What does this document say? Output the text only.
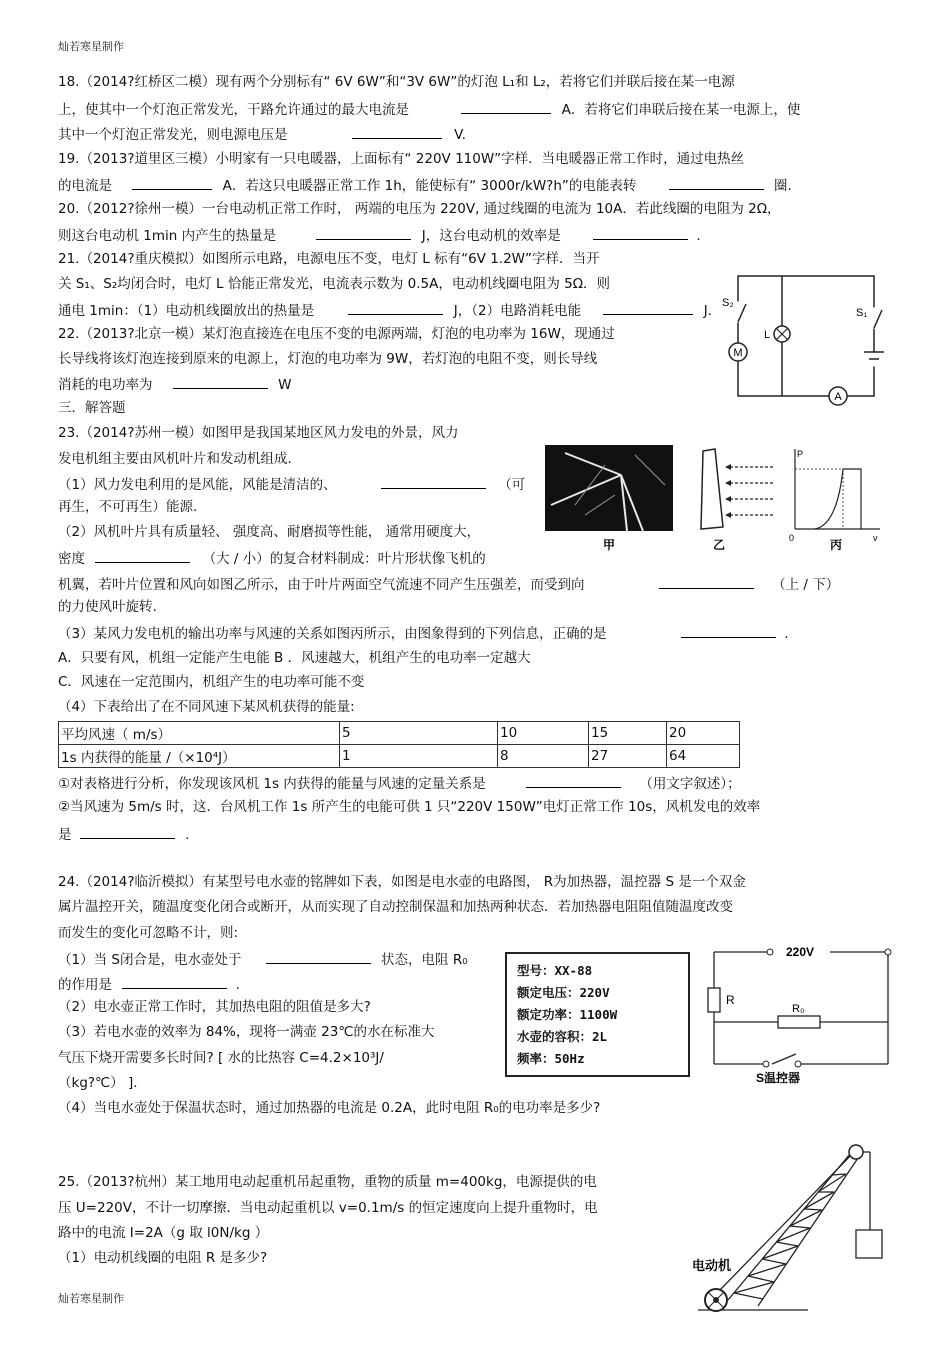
灿若寒星制作
18.（2014?红桥区二模）现有两个分别标有“ 6V 6W”和“3V 6W”的灯泡 L₁和 L₂，若将它们并联后接在某一电源
上，使其中一个灯泡正常发光，干路允许通过的最大电流是	A．若将它们串联后接在某一电源上，使
其中一个灯泡正常发光，则电源电压是	V.
19.（2013?道里区三模）小明家有一只电暖器，上面标有“ 220V 110W”字样．当电暖器正常工作时，通过电热丝
的电流是	A．若这只电暖器正常工作 1h，能使标有“ 3000r/kW?h”的电能表转	圈.
20.（2012?徐州一模）一台电动机正常工作时， 两端的电压为 220V, 通过线圈的电流为 10A．若此线圈的电阻为 2Ω，
则这台电动机 1min 内产生的热量是	J，这台电动机的效率是	.
21.（2014?重庆模拟）如图所示电路，电源电压不变，电灯 L 标有“6V 1.2W”字样．当开
关 S₁、S₂均闭合时，电灯 L 恰能正常发光，电流表示数为 0.5A，电动机线圈电阻为 5Ω．则
通电 1min：（1）电动机线圈放出的热量是	J，（2）电路消耗电能	J.
22.（2013?北京一模）某灯泡直接连在电压不变的电源两端，灯泡的电功率为 16W，现通过
长导线将该灯泡连接到原来的电源上，灯泡的电功率为 9W，若灯泡的电阻不变，则长导线
消耗的电功率为	W
M
A
S₂
L
S₁
三．解答题
23.（2014?苏州一模）如图甲是我国某地区风力发电的外景，风力
发电机组主要由风机叶片和发动机组成.
（1）风力发电利用的是风能，风能是清洁的、	（可
再生，不可再生）能源.
（2）风机叶片具有质量轻、 强度高、耐磨损等性能， 通常用硬度大，
密度	（大 / 小）的复合材料制成：叶片形状像飞机的
机翼，若叶片位置和风向如图乙所示，由于叶片两面空气流速不同产生压强差，而受到向	（上 / 下）
的力使风叶旋转.
（3）某风力发电机的输出功率与风速的关系如图丙所示，由图象得到的下列信息，正确的是	.
A．只要有风，机组一定能产生电能 B ．风速越大，机组产生的电功率一定越大
C．风速在一定范围内，机组产生的电功率可能不变
（4）下表给出了在不同风速下某风机获得的能量:
平均风速（ m/s）	5	10	15	20
1s 内获得的能量 /（×10⁴J）	1	8	27	64
①对表格进行分析，你发现该风机 1s 内获得的能量与风速的定量关系是	（用文字叙述）；
②当风速为 5m/s 时，这．台风机工作 1s 所产生的电能可供 1 只“220V 150W”电灯正常工作 10s，风机发电的效率
是	.
甲	乙
P
v
0	丙
24.（2014?临沂模拟）有某型号电水壶的铭牌如下表，如图是电水壶的电路图， R为加热器，温控器 S 是一个双金
属片温控开关，随温度变化闭合或断开，从而实现了自动控制保温和加热两种状态．若加热器电阻阻值随温度改变
而发生的变化可忽略不计，则:
（1）当 S闭合是，电水壶处于	状态，电阻 R₀
的作用是	.
（2）电水壶正常工作时，其加热电阻的阻值是多大?
（3）若电水壶的效率为 84%，现将一满壶 23℃的水在标准大
气压下烧开需要多长时间? [ 水的比热容 C=4.2×10³J/
（kg?℃） ].
（4）当电水壶处于保温状态时，通过加热器的电流是 0.2A，此时电阻 R₀的电功率是多少?
型号：XX-88
额定电压：220V
额定功率：1100W
水壶的容积：2L
频率：50Hz
220V
R
R₀
S温控器
25.（2013?杭州）某工地用电动起重机吊起重物，重物的质量 m=400kg，电源提供的电
压 U=220V，不计一切摩擦．当电动起重机以 v=0.1m/s 的恒定速度向上提升重物时，电
路中的电流 I=2A（g 取 l0N/kg ）
（1）电动机线圈的电阻 R 是多少?	电动机
灿若寒星制作
